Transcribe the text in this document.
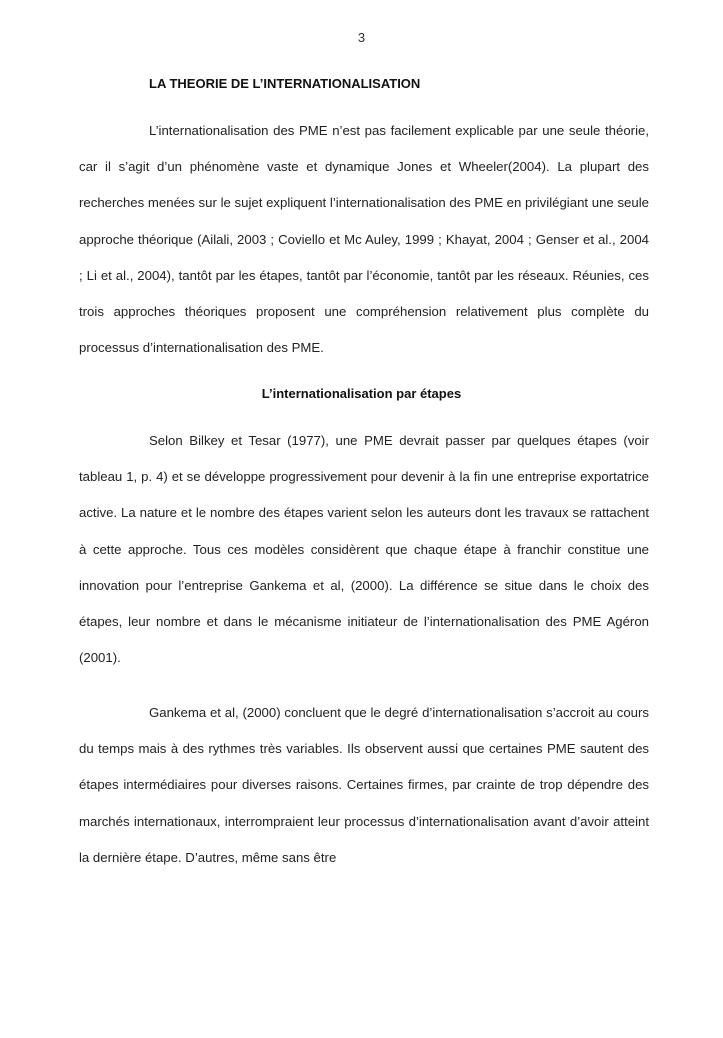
3
LA THEORIE DE L’INTERNATIONALISATION

L’internationalisation des PME n’est pas facilement explicable par une seule théorie, car il s’agit d’un phénomène vaste et dynamique Jones et Wheeler(2004). La plupart des recherches menées sur le sujet expliquent l’internationalisation des PME en privilégiant une seule approche théorique (Ailali, 2003 ; Coviello et Mc Auley, 1999 ; Khayat, 2004 ; Genser et al., 2004 ; Li et al., 2004), tantôt par les étapes, tantôt par l’économie, tantôt par les réseaux. Réunies, ces trois approches théoriques proposent une compréhension relativement plus complète du processus d’internationalisation des PME.

L’internationalisation par étapes

Selon Bilkey et Tesar (1977), une PME devrait passer par quelques étapes (voir tableau 1, p. 4) et se développe progressivement pour devenir à la fin une entreprise exportatrice active. La nature et le nombre des étapes varient selon les auteurs dont les travaux se rattachent à cette approche. Tous ces modèles considèrent que chaque étape à franchir constitue une innovation pour l’entreprise Gankema et al, (2000). La différence se situe dans le choix des étapes, leur nombre et dans le mécanisme initiateur de l’internationalisation des PME Agéron (2001).

Gankema et al, (2000) concluent que le degré d’internationalisation s’accroit au cours du temps mais à des rythmes très variables. Ils observent aussi que certaines PME sautent des étapes intermédiaires pour diverses raisons. Certaines firmes, par crainte de trop dépendre des marchés internationaux, interrompraient leur processus d’internationalisation avant d’avoir atteint la dernière étape. D’autres, même sans être
